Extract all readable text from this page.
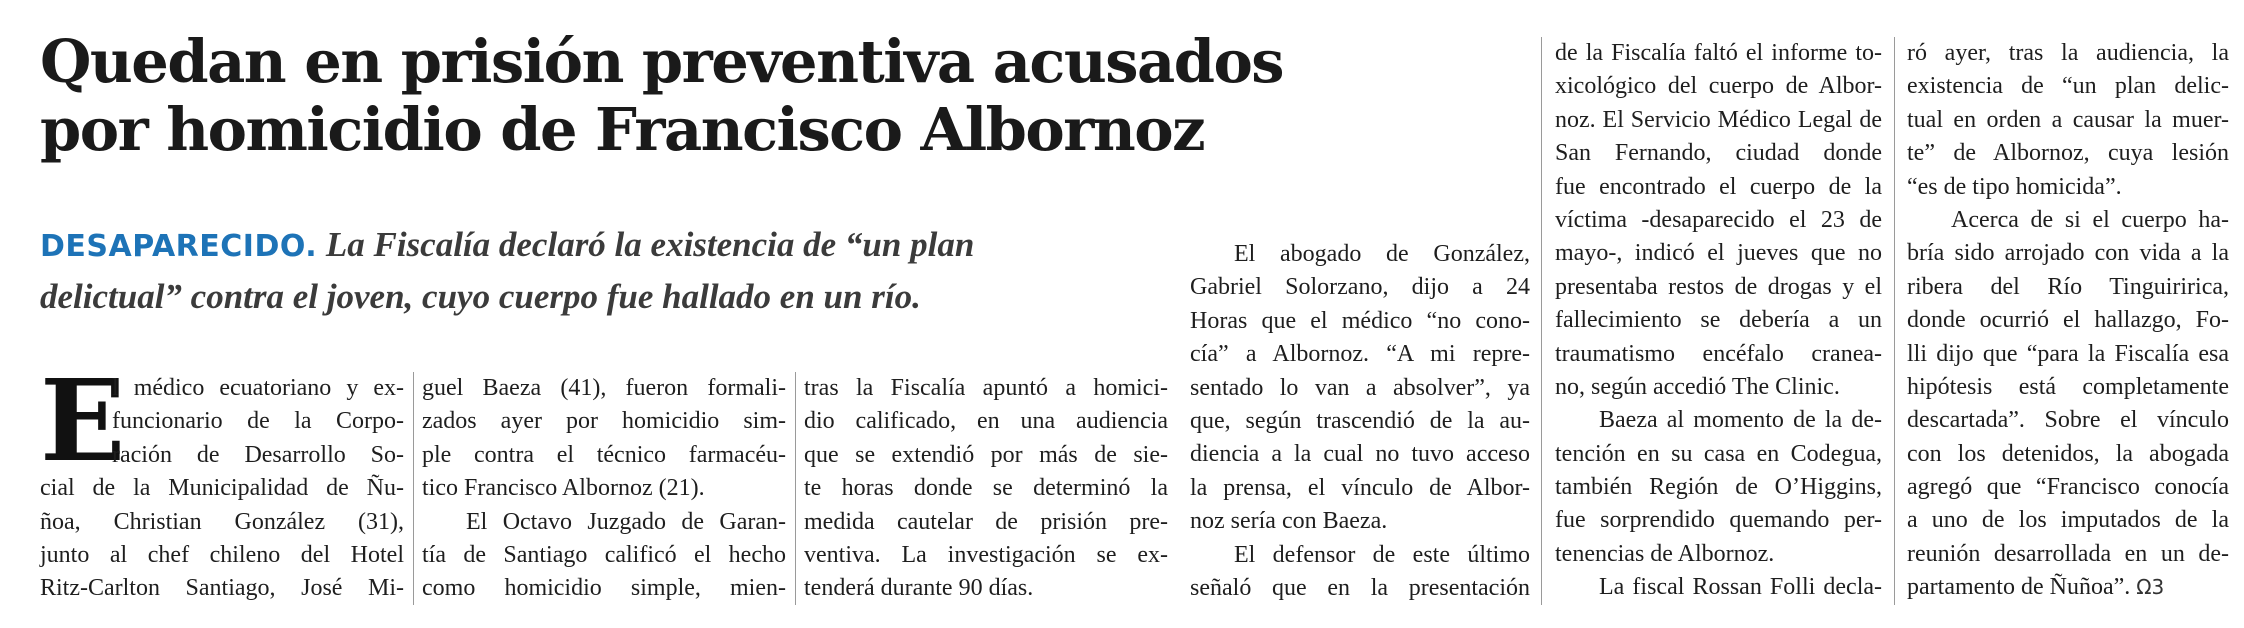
Quedan en prisión preventiva acusados
por homicidio de Francisco Albornoz
DESAPARECIDO. La Fiscalía declaró la existencia de “un plan
delictual” contra el joven, cuyo cuerpo fue hallado en un río.
E
l médico ecuatoriano y ex-
funcionario de la Corpo-
ración de Desarrollo So-
cial de la Municipalidad de Ñu-
ñoa, Christian González (31),
junto al chef chileno del Hotel
Ritz-Carlton Santiago, José Mi-
guel Baeza (41), fueron formali-
zados ayer por homicidio sim-
ple contra el técnico farmacéu-
tico Francisco Albornoz (21).
El Octavo Juzgado de Garan-
tía de Santiago calificó el hecho
como homicidio simple, mien-
tras la Fiscalía apuntó a homici-
dio calificado, en una audiencia
que se extendió por más de sie-
te horas donde se determinó la
medida cautelar de prisión pre-
ventiva. La investigación se ex-
tenderá durante 90 días.
El abogado de González,
Gabriel Solorzano, dijo a 24
Horas que el médico “no cono-
cía” a Albornoz. “A mi repre-
sentado lo van a absolver”, ya
que, según trascendió de la au-
diencia a la cual no tuvo acceso
la prensa, el vínculo de Albor-
noz sería con Baeza.
El defensor de este último
señaló que en la presentación
de la Fiscalía faltó el informe to-
xicológico del cuerpo de Albor-
noz. El Servicio Médico Legal de
San Fernando, ciudad donde
fue encontrado el cuerpo de la
víctima -desaparecido el 23 de
mayo-, indicó el jueves que no
presentaba restos de drogas y el
fallecimiento se debería a un
traumatismo encéfalo cranea-
no, según accedió The Clinic.
Baeza al momento de la de-
tención en su casa en Codegua,
también Región de O’Higgins,
fue sorprendido quemando per-
tenencias de Albornoz.
La fiscal Rossan Folli decla-
ró ayer, tras la audiencia, la
existencia de “un plan delic-
tual en orden a causar la muer-
te” de Albornoz, cuya lesión
“es de tipo homicida”.
Acerca de si el cuerpo ha-
bría sido arrojado con vida a la
ribera del Río Tinguiririca,
donde ocurrió el hallazgo, Fo-
lli dijo que “para la Fiscalía esa
hipótesis está completamente
descartada”. Sobre el vínculo
con los detenidos, la abogada
agregó que “Francisco conocía
a uno de los imputados de la
reunión desarrollada en un de-
partamento de Ñuñoa”. Ω3
